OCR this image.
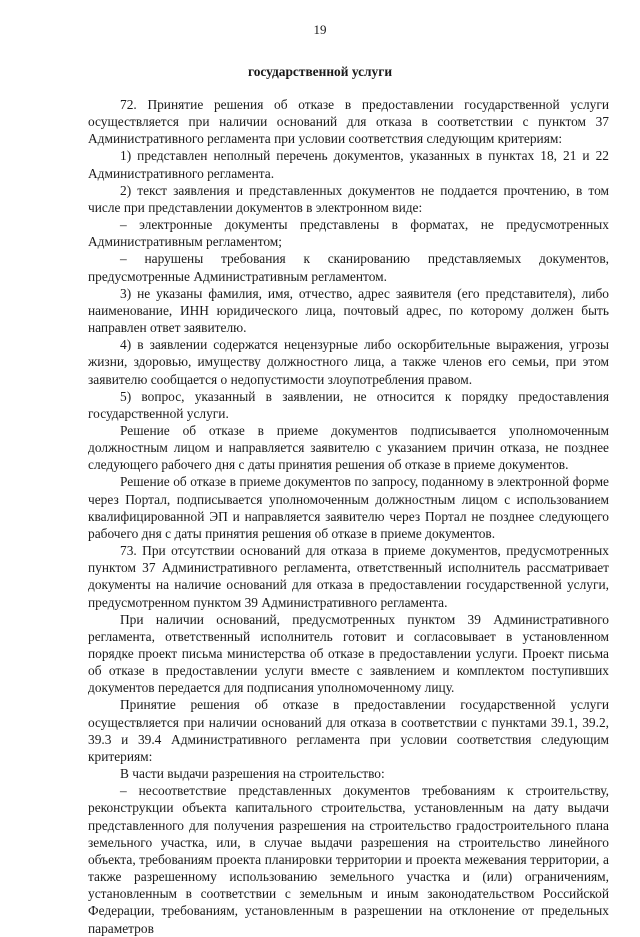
19
государственной услуги

72. Принятие решения об отказе в предоставлении государственной услуги осуществляется при наличии оснований для отказа в соответствии с пунктом 37 Административного регламента при условии соответствия следующим критериям:

1) представлен неполный перечень документов, указанных в пунктах 18, 21 и 22 Административного регламента.

2) текст заявления и представленных документов не поддается прочтению, в том числе при представлении документов в электронном виде:

– электронные документы представлены в форматах, не предусмотренных Административным регламентом;

– нарушены требования к сканированию представляемых документов, предусмотренные Административным регламентом.

3) не указаны фамилия, имя, отчество, адрес заявителя (его представителя), либо наименование, ИНН юридического лица, почтовый адрес, по которому должен быть направлен ответ заявителю.

4) в заявлении содержатся нецензурные либо оскорбительные выражения, угрозы жизни, здоровью, имуществу должностного лица, а также членов его семьи, при этом заявителю сообщается о недопустимости злоупотребления правом.

5) вопрос, указанный в заявлении, не относится к порядку предоставления государственной услуги.

Решение об отказе в приеме документов подписывается уполномоченным должностным лицом и направляется заявителю с указанием причин отказа, не позднее следующего рабочего дня с даты принятия решения об отказе в приеме документов.

Решение об отказе в приеме документов по запросу, поданному в электронной форме через Портал, подписывается уполномоченным должностным лицом с использованием квалифицированной ЭП и направляется заявителю через Портал не позднее следующего рабочего дня с даты принятия решения об отказе в приеме документов.

73. При отсутствии оснований для отказа в приеме документов, предусмотренных пунктом 37 Административного регламента, ответственный исполнитель рассматривает документы на наличие оснований для отказа в предоставлении государственной услуги, предусмотренном пунктом 39 Административного регламента.

При наличии оснований, предусмотренных пунктом 39 Административного регламента, ответственный исполнитель готовит и согласовывает в установленном порядке проект письма министерства об отказе в предоставлении услуги. Проект письма об отказе в предоставлении услуги вместе с заявлением и комплектом поступивших документов передается для подписания уполномоченному лицу.

Принятие решения об отказе в предоставлении государственной услуги осуществляется при наличии оснований для отказа в соответствии с пунктами 39.1, 39.2, 39.3 и 39.4 Административного регламента при условии соответствия следующим критериям:

В части выдачи разрешения на строительство:

– несоответствие представленных документов требованиям к строительству, реконструкции объекта капитального строительства, установленным на дату выдачи представленного для получения разрешения на строительство градостроительного плана земельного участка, или, в случае выдачи разрешения на строительство линейного объекта, требованиям проекта планировки территории и проекта межевания территории, а также разрешенному использованию земельного участка и (или) ограничениям, установленным в соответствии с земельным и иным законодательством Российской Федерации, требованиям, установленным в разрешении на отклонение от предельных параметров
